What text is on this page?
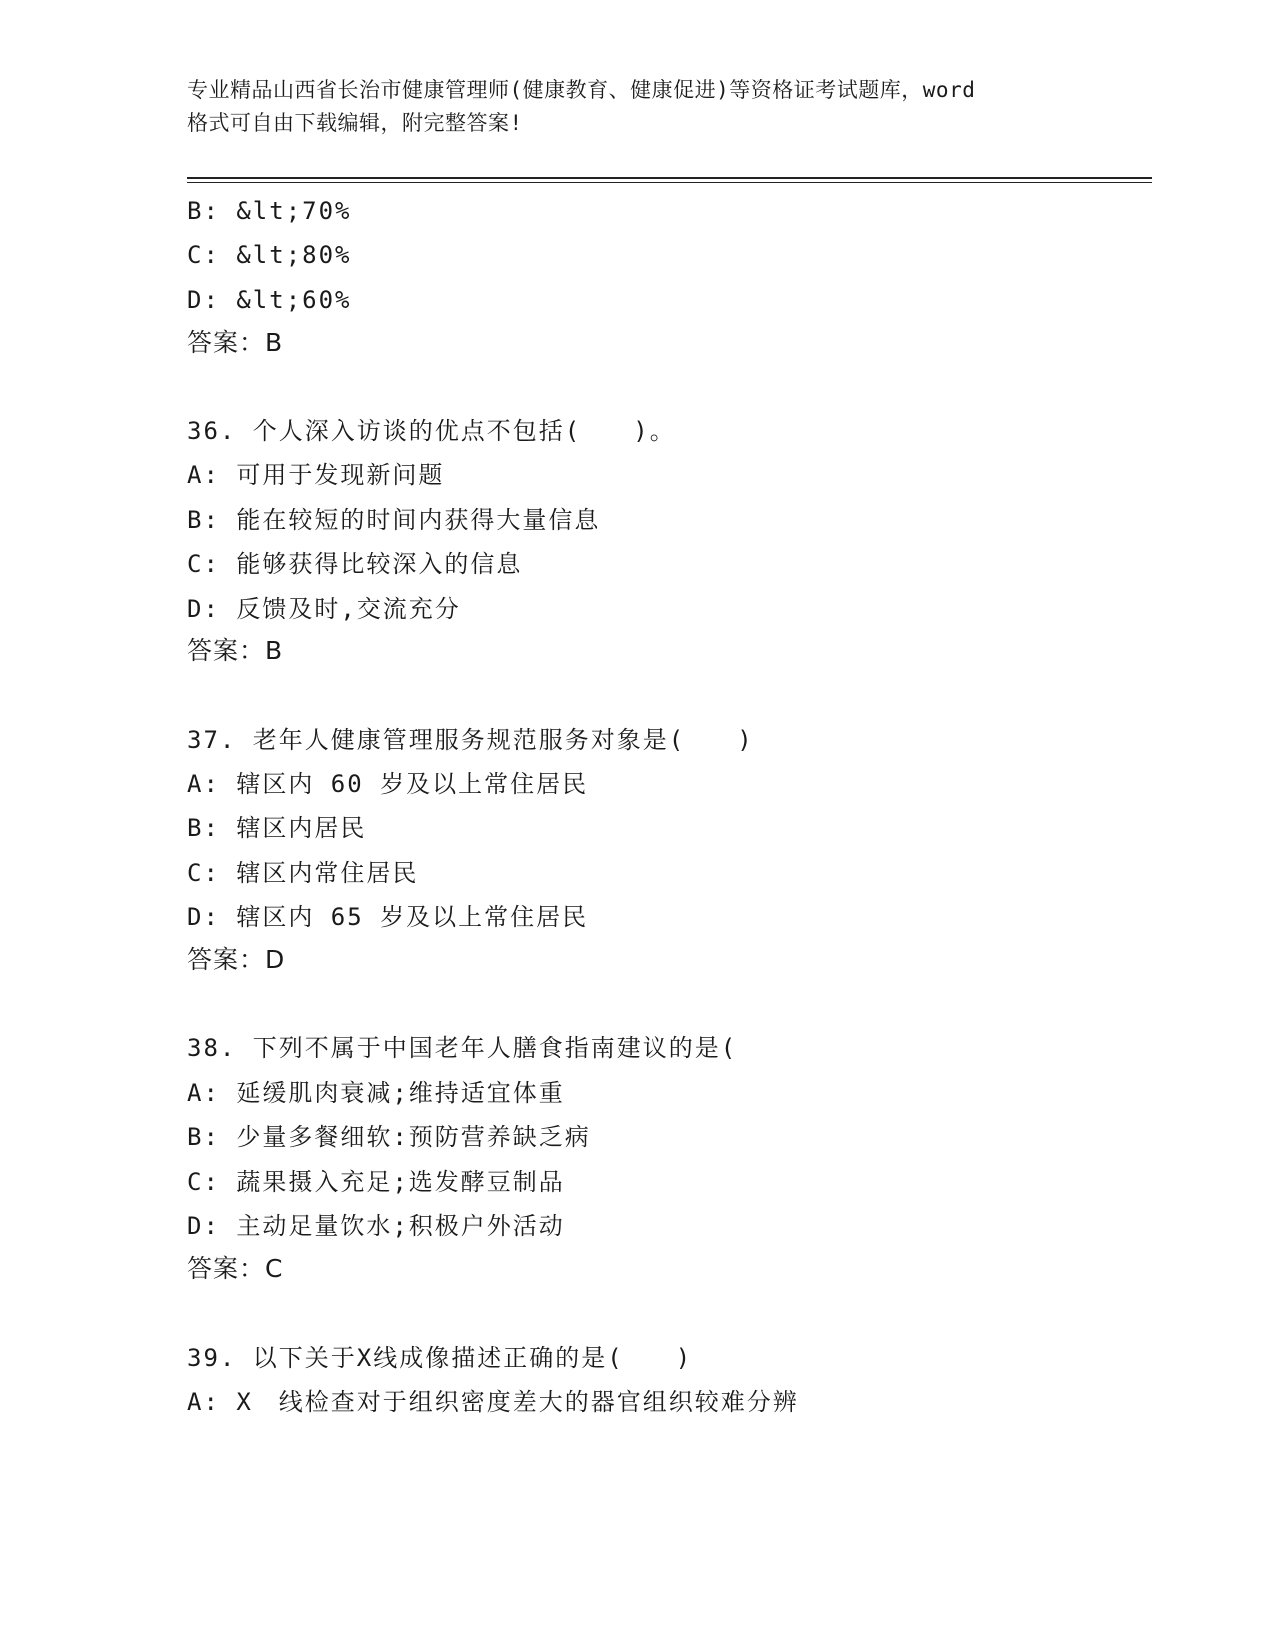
专业精品山西省长治市健康管理师(健康教育、健康促进)等资格证考试题库，word
格式可自由下载编辑，附完整答案!
B: &lt;70%
C: &lt;80%
D: &lt;60%
答案：B
36. 个人深入访谈的优点不包括(　　)。
A: 可用于发现新问题
B: 能在较短的时间内获得大量信息
C: 能够获得比较深入的信息
D: 反馈及时,交流充分
答案：B
37. 老年人健康管理服务规范服务对象是(　　)
A: 辖区内 60 岁及以上常住居民
B: 辖区内居民
C: 辖区内常住居民
D: 辖区内 65 岁及以上常住居民
答案：D
38. 下列不属于中国老年人膳食指南建议的是(
A: 延缓肌肉衰减;维持适宜体重
B: 少量多餐细软:预防营养缺乏病
C: 蔬果摄入充足;选发酵豆制品
D: 主动足量饮水;积极户外活动
答案：C
39. 以下关于X线成像描述正确的是(　　)
A: X　线检查对于组织密度差大的器官组织较难分辨
